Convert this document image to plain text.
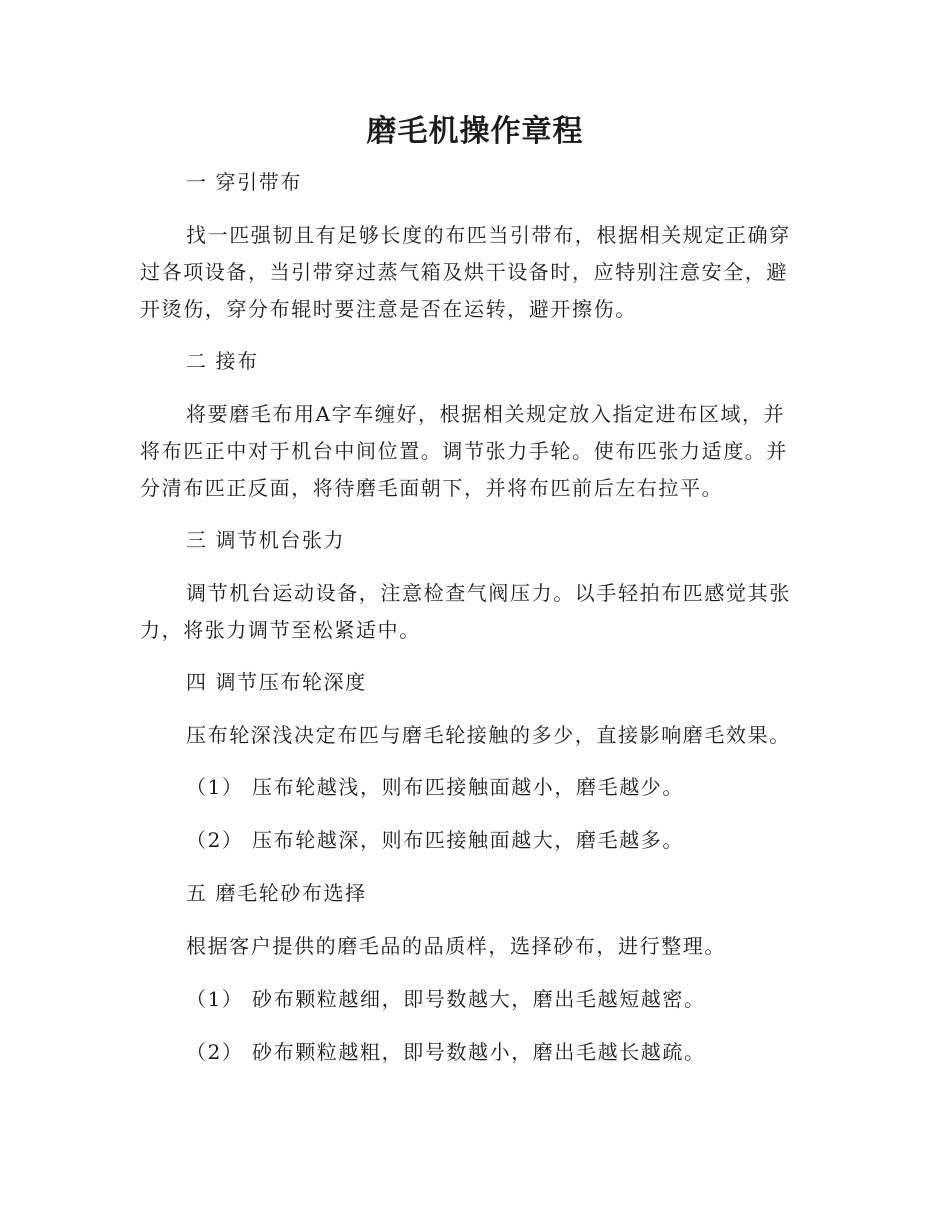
磨毛机操作章程

一 穿引带布

找一匹强韧且有足够长度的布匹当引带布，根据相关规定正确穿

过各项设备，当引带穿过蒸气箱及烘干设备时，应特别注意安全，避

开烫伤，穿分布辊时要注意是否在运转，避开擦伤。

二 接布

将要磨毛布用A字车缠好，根据相关规定放入指定进布区域，并

将布匹正中对于机台中间位置。调节张力手轮。使布匹张力适度。并

分清布匹正反面，将待磨毛面朝下，并将布匹前后左右拉平。

三 调节机台张力

调节机台运动设备，注意检查气阀压力。以手轻拍布匹感觉其张

力，将张力调节至松紧适中。

四 调节压布轮深度

压布轮深浅决定布匹与磨毛轮接触的多少，直接影响磨毛效果。

（1） 压布轮越浅，则布匹接触面越小，磨毛越少。

（2） 压布轮越深，则布匹接触面越大，磨毛越多。

五 磨毛轮砂布选择

根据客户提供的磨毛品的品质样，选择砂布，进行整理。

（1） 砂布颗粒越细，即号数越大，磨出毛越短越密。

（2） 砂布颗粒越粗，即号数越小，磨出毛越长越疏。
